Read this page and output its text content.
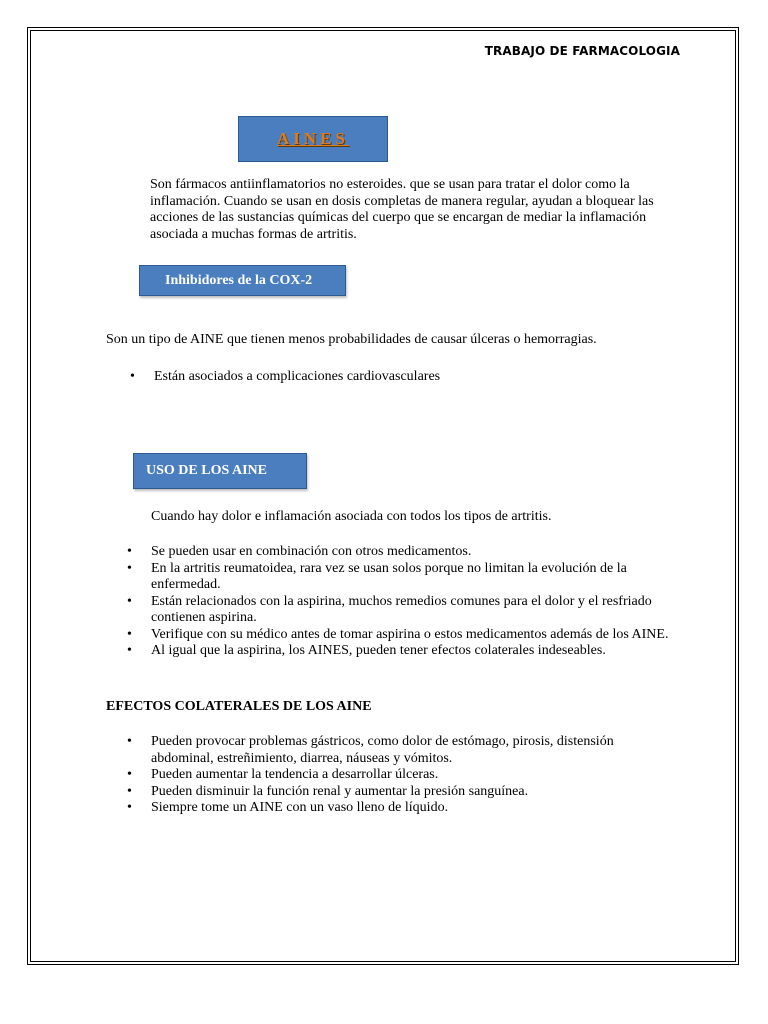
TRABAJO DE FARMACOLOGIA
AINES
Son fármacos antiinflamatorios no esteroides. que se usan para tratar el dolor como la inflamación. Cuando se usan en dosis completas de manera regular, ayudan a bloquear las acciones de las sustancias químicas del cuerpo que se encargan de mediar la inflamación asociada a muchas formas de artritis.
Inhibidores de la COX-2
Son un tipo de AINE que tienen menos probabilidades de causar úlceras o hemorragias.
• Están asociados a complicaciones cardiovasculares
USO DE LOS AINE
Cuando hay dolor e inflamación asociada con todos los tipos de artritis.
• Se pueden usar en combinación con otros medicamentos.
• En la artritis reumatoidea, rara vez se usan solos porque no limitan la evolución de la enfermedad.
• Están relacionados con la aspirina, muchos remedios comunes para el dolor y el resfriado contienen aspirina.
• Verifique con su médico antes de tomar aspirina o estos medicamentos además de los AINE.
• Al igual que la aspirina, los AINES, pueden tener efectos colaterales indeseables.
EFECTOS COLATERALES DE LOS AINE
• Pueden provocar problemas gástricos, como dolor de estómago, pirosis, distensión abdominal, estreñimiento, diarrea, náuseas y vómitos.
• Pueden aumentar la tendencia a desarrollar úlceras.
• Pueden disminuir la función renal y aumentar la presión sanguínea.
• Siempre tome un AINE con un vaso lleno de líquido.
